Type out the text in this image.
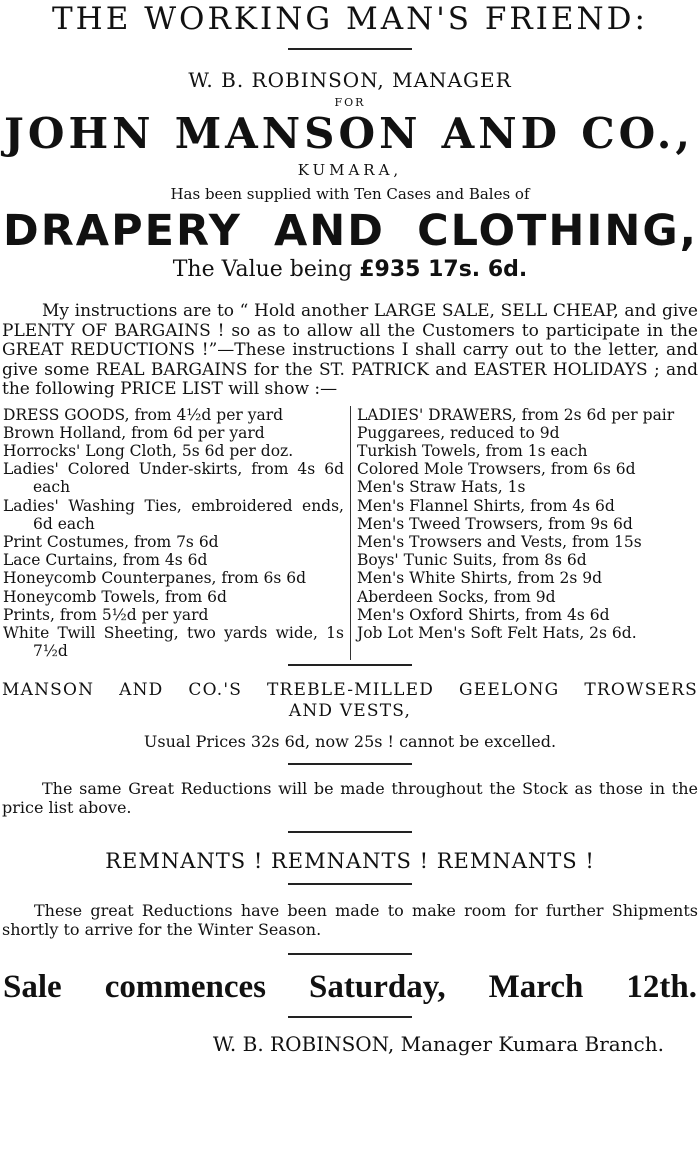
THE WORKING MAN'S FRIEND:
W. B. ROBINSON, MANAGER
FOR
JOHN MANSON AND CO.,
KUMARA,
Has been supplied with Ten Cases and Bales of
DRAPERY AND CLOTHING,
The Value being £935 17s. 6d.
My instructions are to “ Hold another LARGE SALE, SELL CHEAP, and give PLENTY OF BARGAINS ! so as to allow all the Customers to participate in the GREAT REDUCTIONS !”—These instructions I shall carry out to the letter, and give some REAL BARGAINS for the ST. PATRICK and EASTER HOLIDAYS ; and the following PRICE LIST will show :—
DRESS GOODS, from 4½d per yard
Brown Holland, from 6d per yard
Horrocks' Long Cloth, 5s 6d per doz.
Ladies' Colored Under-skirts, from 4s 6d each
Ladies' Washing Ties, embroidered ends, 6d each
Print Costumes, from 7s 6d
Lace Curtains, from 4s 6d
Honeycomb Counterpanes, from 6s 6d
Honeycomb Towels, from 6d
Prints, from 5½d per yard
White Twill Sheeting, two yards wide, 1s 7½d
LADIES' DRAWERS, from 2s 6d per pair
Puggarees, reduced to 9d
Turkish Towels, from 1s each
Colored Mole Trowsers, from 6s 6d
Men's Straw Hats, 1s
Men's Flannel Shirts, from 4s 6d
Men's Tweed Trowsers, from 9s 6d
Men's Trowsers and Vests, from 15s
Boys' Tunic Suits, from 8s 6d
Men's White Shirts, from 2s 9d
Aberdeen Socks, from 9d
Men's Oxford Shirts, from 4s 6d
Job Lot Men's Soft Felt Hats, 2s 6d.
MANSON AND CO.'S TREBLE-MILLED GEELONG TROWSERS
AND VESTS,
Usual Prices 32s 6d, now 25s ! cannot be excelled.
The same Great Reductions will be made throughout the Stock as those in the price list above.
REMNANTS ! REMNANTS ! REMNANTS !
These great Reductions have been made to make room for further Shipments shortly to arrive for the Winter Season.
Sale commences Saturday, March 12th.
W. B. ROBINSON, Manager Kumara Branch.
